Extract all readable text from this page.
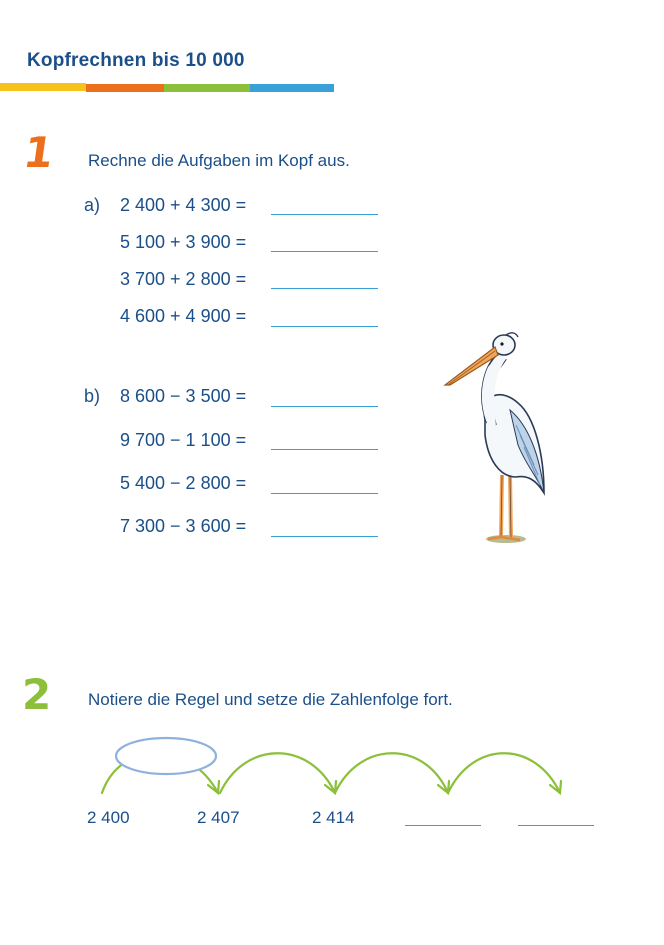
Kopfrechnen bis 10 000
1 Rechne die Aufgaben im Kopf aus.
a) 2 400 + 4 300 =
5 100 + 3 900 =
3 700 + 2 800 =
4 600 + 4 900 =
b) 8 600 − 3 500 =
9 700 − 1 100 =
5 400 − 2 800 =
7 300 − 3 600 =
2 Notiere die Regel und setze die Zahlenfolge fort.
2 400	2 407	2 414
